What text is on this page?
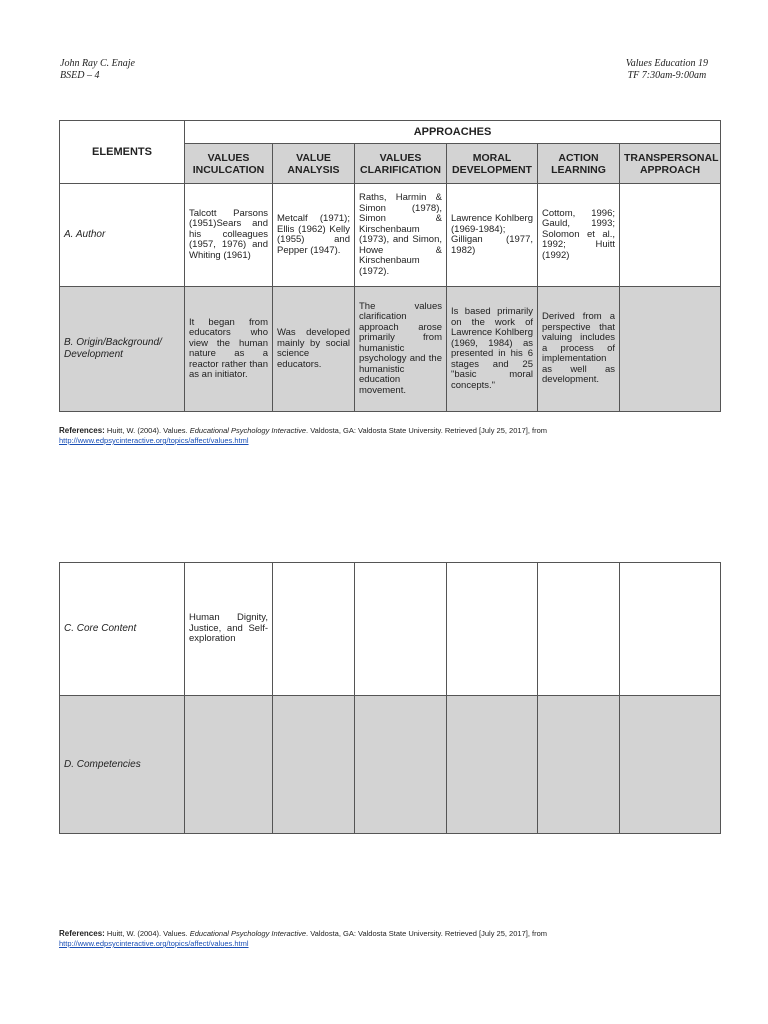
John Ray C. Enaje
BSED – 4
Values Education 19
TF 7:30am-9:00am
ELEMENTS	APPROACHES					
	VALUES INCULCATION	VALUE ANALYSIS	VALUES CLARIFICATION	MORAL DEVELOPMENT	ACTION LEARNING	TRANSPERSONAL APPROACH
A. Author	Talcott Parsons (1951)Sears and his colleagues (1957, 1976) and Whiting (1961)	Metcalf (1971); Ellis (1962) Kelly (1955) and Pepper (1947).	Raths, Harmin & Simon (1978), Simon & Kirschenbaum (1973), and Simon, Howe & Kirschenbaum (1972).	Lawrence Kohlberg (1969-1984); Gilligan (1977, 1982)	Cottom, 1996; Gauld, 1993; Solomon et al., 1992; Huitt (1992)	
B. Origin/Background/ Development	It began from educators who view the human nature as a reactor rather than as an initiator.	Was developed mainly by social science educators.	The values clarification approach arose primarily from humanistic psychology and the humanistic education movement.	Is based primarily on the work of Lawrence Kohlberg (1969, 1984) as presented in his 6 stages and 25 "basic moral concepts."	Derived from a perspective that valuing includes a process of implementation as well as development.	
References: Huitt, W. (2004). Values. Educational Psychology Interactive. Valdosta, GA: Valdosta State University. Retrieved [July 25, 2017], from
http://www.edpsycinteractive.org/topics/affect/values.html
C. Core Content	Human Dignity, Justice, and Self-exploration					
D. Competencies						
References: Huitt, W. (2004). Values. Educational Psychology Interactive. Valdosta, GA: Valdosta State University. Retrieved [July 25, 2017], from
http://www.edpsycinteractive.org/topics/affect/values.html
